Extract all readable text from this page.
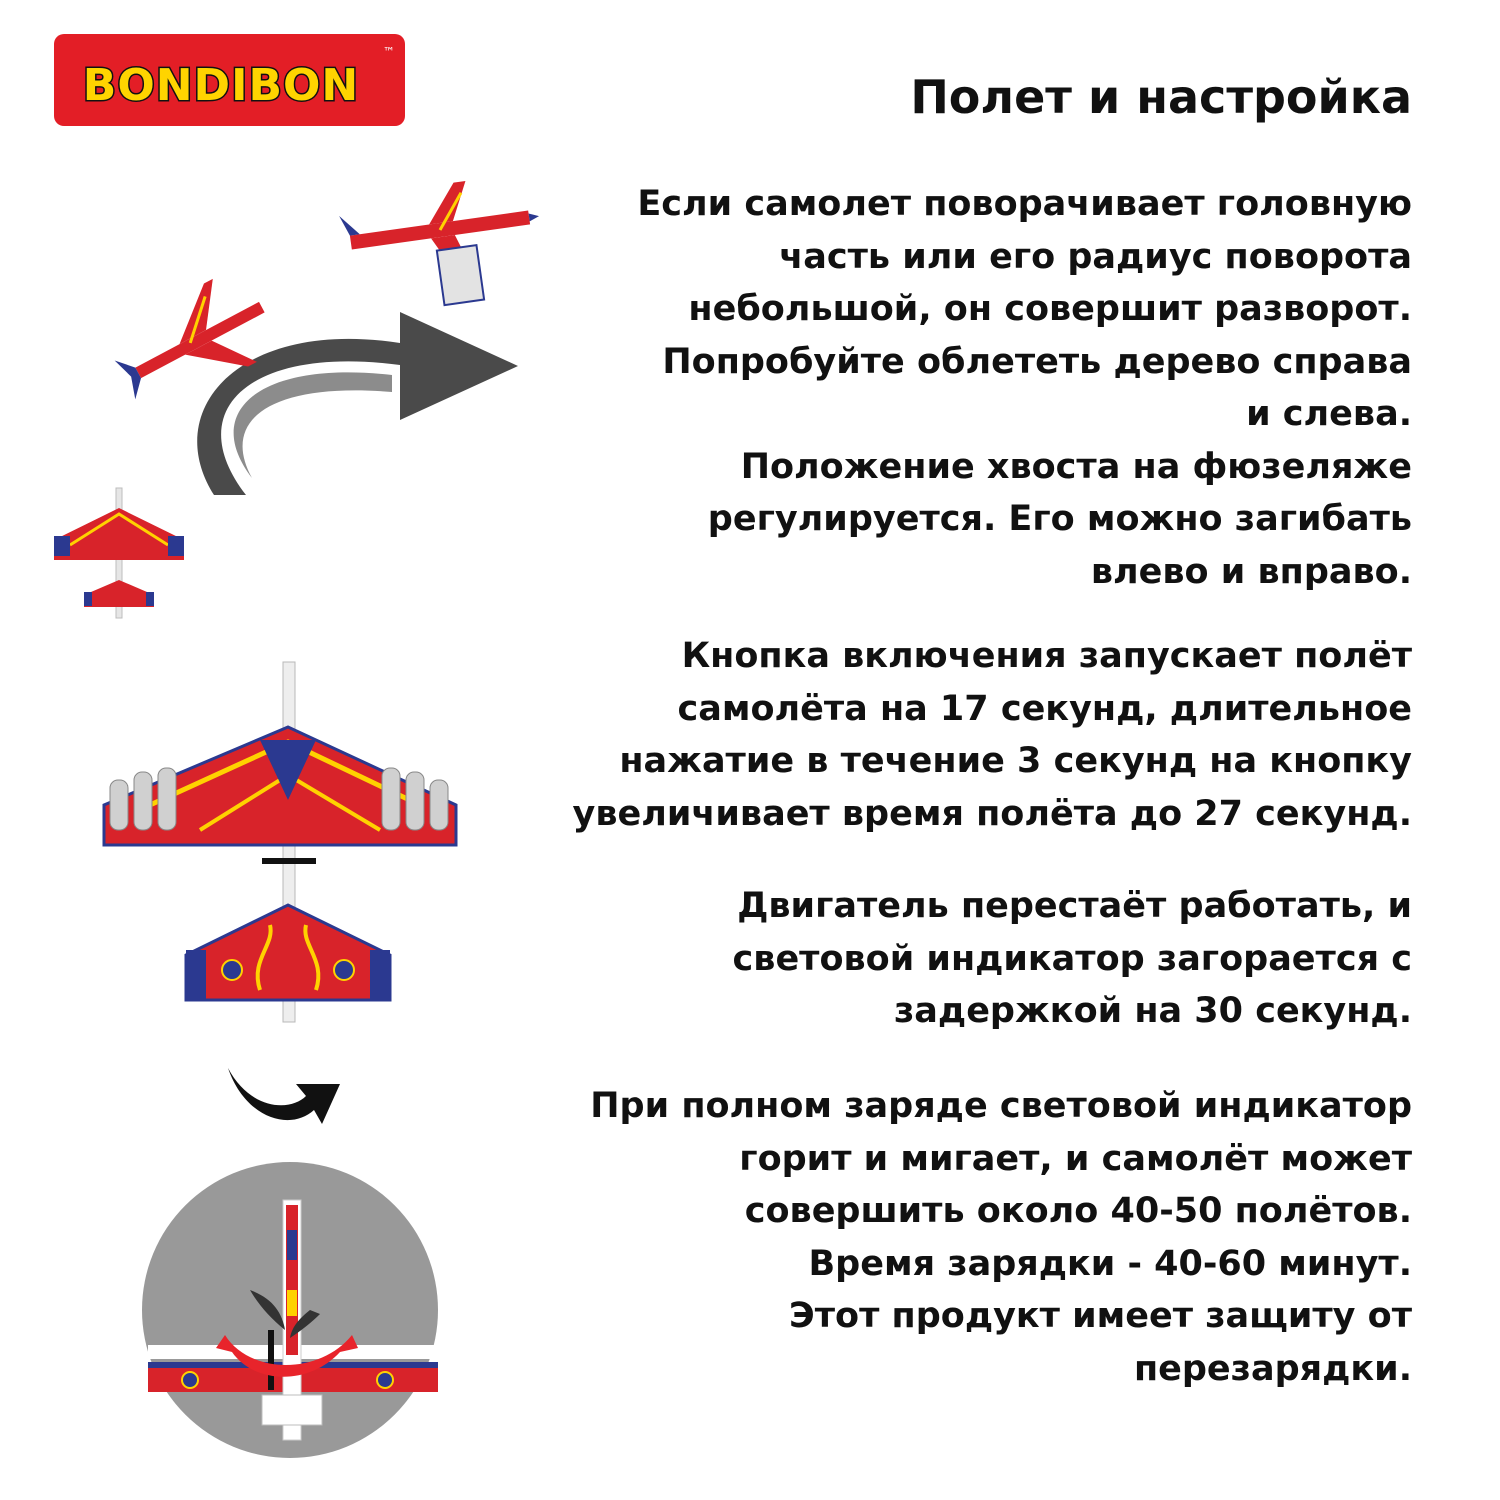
BONDIBON
™
Полет и настройка

Если самолет поворачивает головную
часть или его радиус поворота
небольшой, он совершит разворот.
Попробуйте облететь дерево справа
и слева.
Положение хвоста на фюзеляже
регулируется. Его можно загибать
влево и вправо.

Кнопка включения запускает полёт
самолёта на 17 секунд, длительное
нажатие в течение 3 секунд на кнопку
увеличивает время полёта до 27 секунд.

Двигатель перестаёт работать, и
световой индикатор загорается с
задержкой на 30 секунд.

При полном заряде световой индикатор
горит и мигает, и самолёт может
совершить около 40-50 полётов.
Время зарядки - 40-60 минут.
Этот продукт имеет защиту от
перезарядки.
